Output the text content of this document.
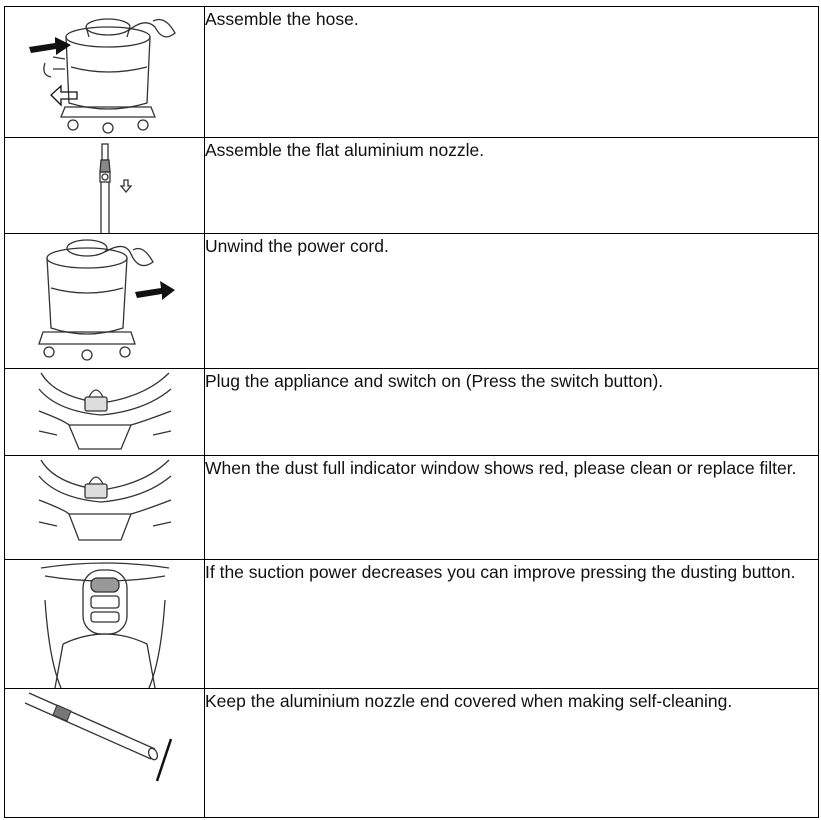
	Assemble the hose.

	Assemble the flat aluminium nozzle.

	Unwind the power cord.

	Plug the appliance and switch on (Press the switch button).

	When the dust full indicator window shows red, please clean or replace filter.

	If the suction power decreases you can improve pressing the dusting button.

	Keep the aluminium nozzle end covered when making self-cleaning.
